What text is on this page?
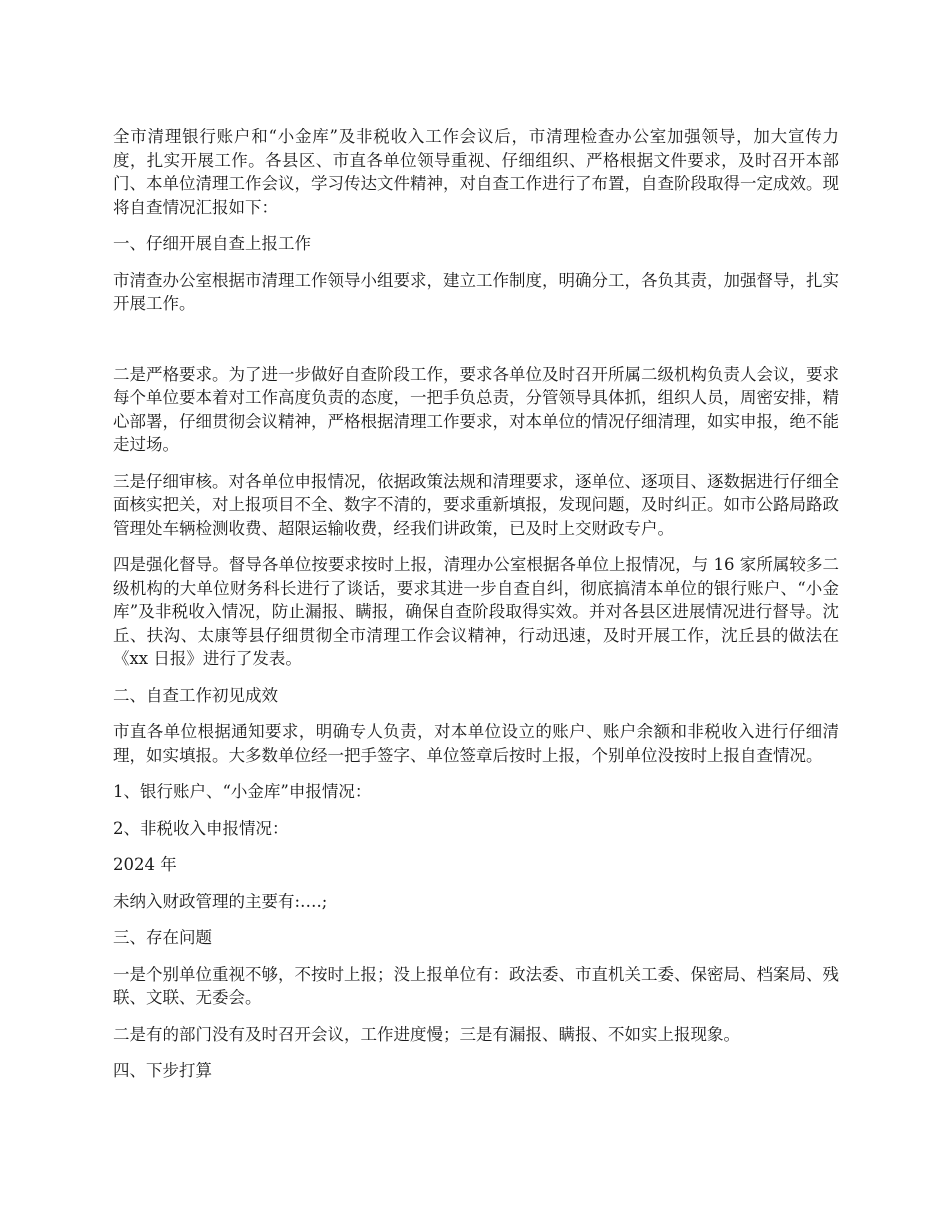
全市清理银行账户和“小金库”及非税收入工作会议后，市清理检查办公室加强领导，加大宣传力度，扎实开展工作。各县区、市直各单位领导重视、仔细组织、严格根据文件要求，及时召开本部门、本单位清理工作会议，学习传达文件精神，对自查工作进行了布置，自查阶段取得一定成效。现将自查情况汇报如下：

一、仔细开展自查上报工作

市清查办公室根据市清理工作领导小组要求，建立工作制度，明确分工，各负其责，加强督导，扎实开展工作。

二是严格要求。为了进一步做好自查阶段工作，要求各单位及时召开所属二级机构负责人会议，要求每个单位要本着对工作高度负责的态度，一把手负总责，分管领导具体抓，组织人员，周密安排，精心部署，仔细贯彻会议精神，严格根据清理工作要求，对本单位的情况仔细清理，如实申报，绝不能走过场。

三是仔细审核。对各单位申报情况，依据政策法规和清理要求，逐单位、逐项目、逐数据进行仔细全面核实把关，对上报项目不全、数字不清的，要求重新填报，发现问题，及时纠正。如市公路局路政管理处车辆检测收费、超限运输收费，经我们讲政策，已及时上交财政专户。

四是强化督导。督导各单位按要求按时上报，清理办公室根据各单位上报情况，与 16 家所属较多二级机构的大单位财务科长进行了谈话，要求其进一步自查自纠，彻底搞清本单位的银行账户、“小金库”及非税收入情况，防止漏报、瞒报，确保自查阶段取得实效。并对各县区进展情况进行督导。沈丘、扶沟、太康等县仔细贯彻全市清理工作会议精神，行动迅速，及时开展工作，沈丘县的做法在《xx 日报》进行了发表。

二、自查工作初见成效

市直各单位根据通知要求，明确专人负责，对本单位设立的账户、账户余额和非税收入进行仔细清理，如实填报。大多数单位经一把手签字、单位签章后按时上报，个别单位没按时上报自查情况。

1、银行账户、“小金库”申报情况：

2、非税收入申报情况：

2024 年

未纳入财政管理的主要有:….;

三、存在问题

一是个别单位重视不够，不按时上报；没上报单位有：政法委、市直机关工委、保密局、档案局、残联、文联、无委会。

二是有的部门没有及时召开会议，工作进度慢；三是有漏报、瞒报、不如实上报现象。

四、下步打算
